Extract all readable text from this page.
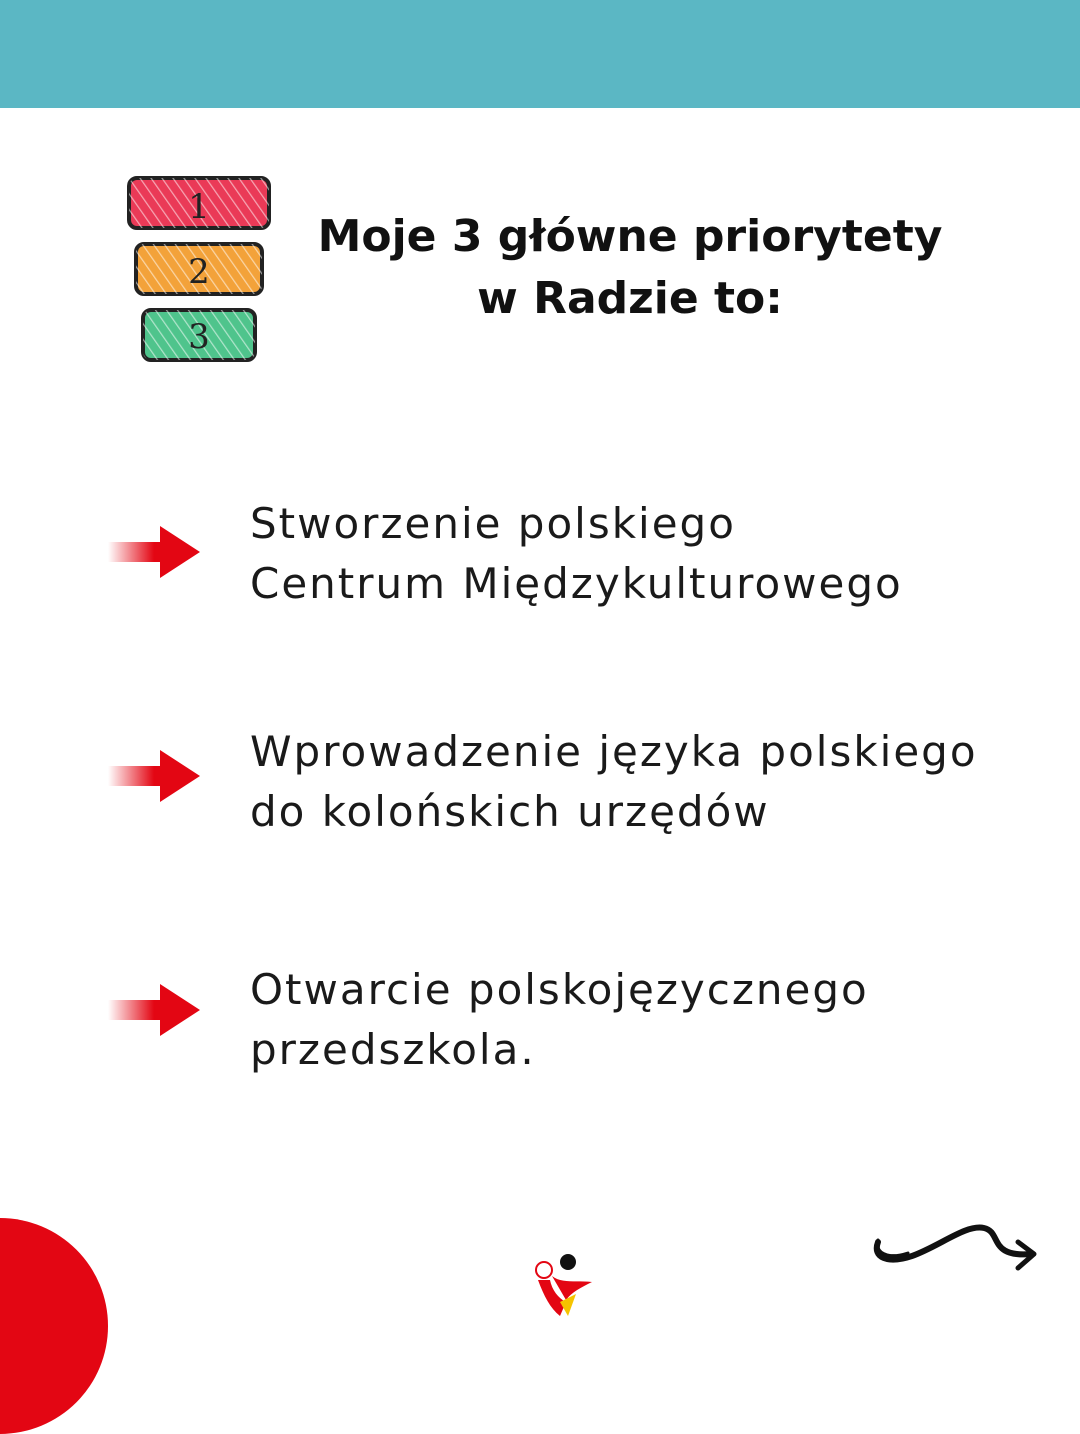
1
2
3
Moje 3 główne priorytety
w Radzie to:
Stworzenie polskiego
Centrum Międzykulturowego
Wprowadzenie języka polskiego
do kolońskich urzędów
Otwarcie polskojęzycznego
przedszkola.
